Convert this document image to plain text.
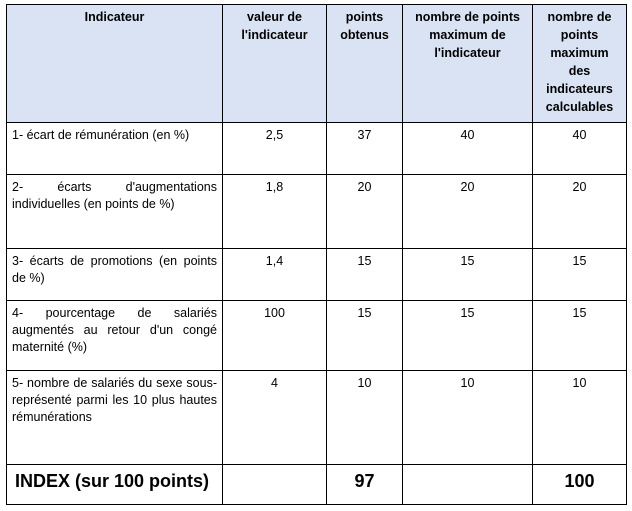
Indicateur	valeur de l'indicateur	points obtenus	nombre de points maximum de l'indicateur	nombre de points maximum des indicateurs calculables
1- écart de rémunération (en %)	2,5	37	40	40
2- écarts d'augmentations individuelles (en points de %)	1,8	20	20	20
3- écarts de promotions (en points de %)	1,4	15	15	15
4- pourcentage de salariés augmentés au retour d'un congé maternité (%)	100	15	15	15
5- nombre de salariés du sexe sous-représenté parmi les 10 plus hautes rémunérations	4	10	10	10
INDEX (sur 100 points)		97		100
